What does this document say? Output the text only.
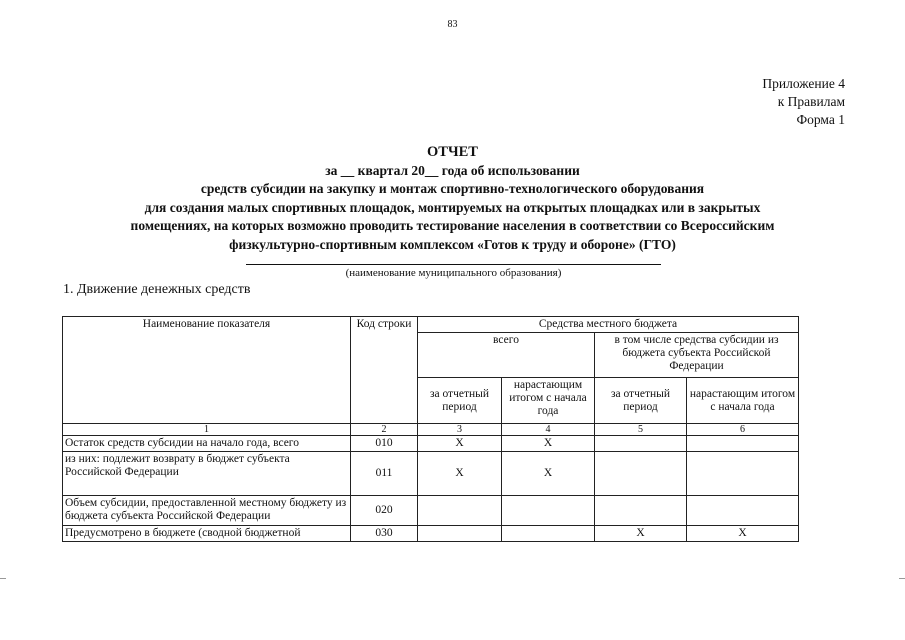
83
Приложение 4
к Правилам
Форма 1
ОТЧЕТ
за __ квартал 20__ года об использовании
средств субсидии на закупку и монтаж спортивно-технологического оборудования
для создания малых спортивных площадок, монтируемых на открытых площадках или в закрытых
помещениях, на которых возможно проводить тестирование населения в соответствии со Всероссийским
физкультурно-спортивным комплексом «Готов к труду и обороне» (ГТО)
(наименование муниципального образования)
1. Движение денежных средств
Наименование показателя	Код строки	Средства местного бюджета			
		всего		в том числе средства субсидии из бюджета субъекта Российской Федерации	
		за отчетный период	нарастающим итогом с начала года	за отчетный период	нарастающим итогом с начала года
1	2	3	4	5	6
Остаток средств субсидии на начало года, всего	010	X	X		
из них: подлежит возврату в бюджет субъекта Российской Федерации	011	X	X		
Объем субсидии, предоставленной местному бюджету из бюджета субъекта Российской Федерации	020				
Предусмотрено в бюджете (сводной бюджетной	030			X	X
